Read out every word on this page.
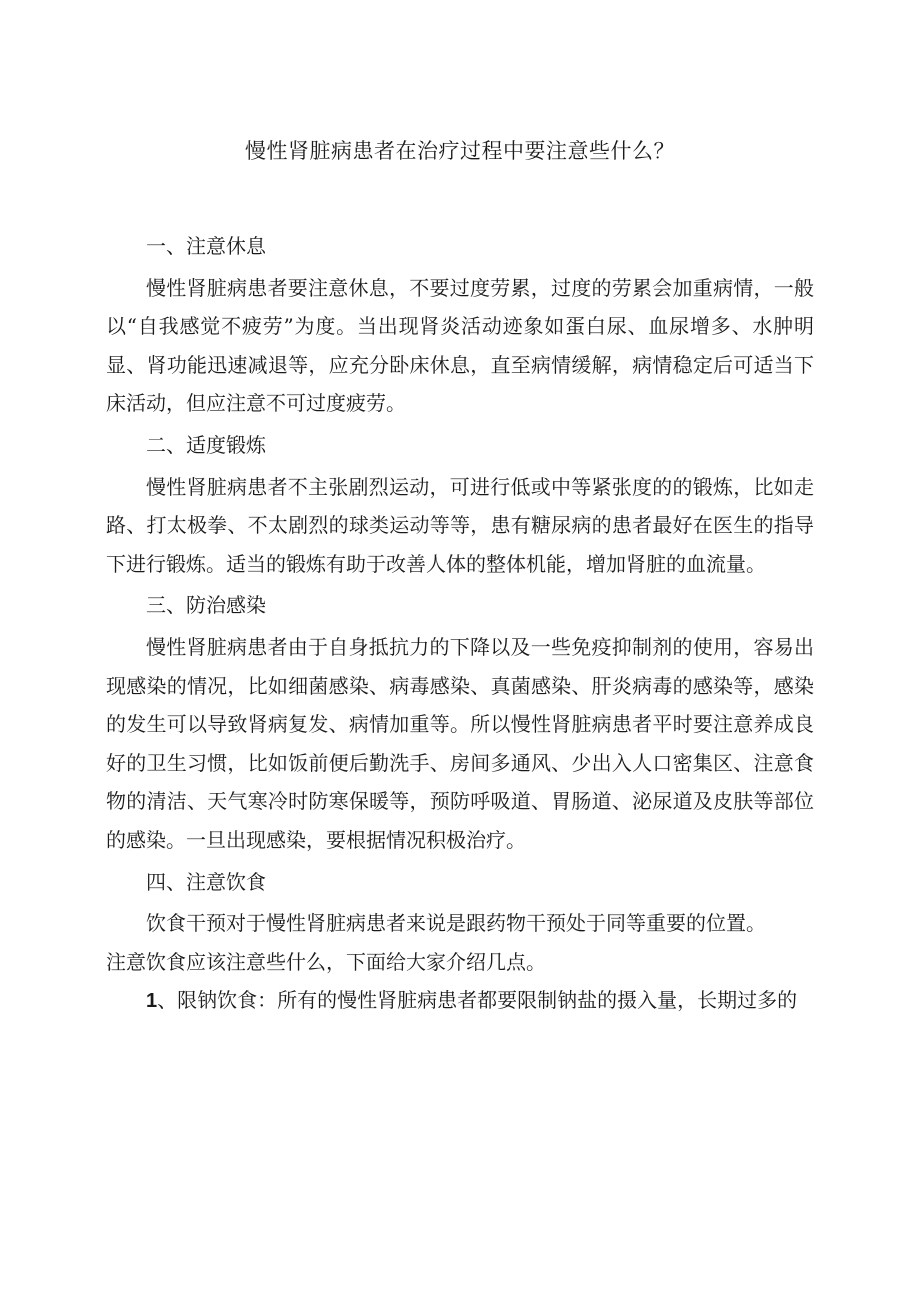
慢性肾脏病患者在治疗过程中要注意些什么？
一、注意休息

慢性肾脏病患者要注意休息，不要过度劳累，过度的劳累会加重病情，一般以“自我感觉不疲劳”为度。当出现肾炎活动迹象如蛋白尿、血尿增多、水肿明显、肾功能迅速减退等，应充分卧床休息，直至病情缓解，病情稳定后可适当下床活动，但应注意不可过度疲劳。

二、适度锻炼

慢性肾脏病患者不主张剧烈运动，可进行低或中等紧张度的的锻炼，比如走路、打太极拳、不太剧烈的球类运动等等，患有糖尿病的患者最好在医生的指导下进行锻炼。适当的锻炼有助于改善人体的整体机能，增加肾脏的血流量。

三、防治感染

慢性肾脏病患者由于自身抵抗力的下降以及一些免疫抑制剂的使用，容易出现感染的情况，比如细菌感染、病毒感染、真菌感染、肝炎病毒的感染等，感染的发生可以导致肾病复发、病情加重等。所以慢性肾脏病患者平时要注意养成良好的卫生习惯，比如饭前便后勤洗手、房间多通风、少出入人口密集区、注意食物的清洁、天气寒冷时防寒保暖等，预防呼吸道、胃肠道、泌尿道及皮肤等部位的感染。一旦出现感染，要根据情况积极治疗。

四、注意饮食

饮食干预对于慢性肾脏病患者来说是跟药物干预处于同等重要的位置。

注意饮食应该注意些什么，下面给大家介绍几点。

1、限钠饮食：所有的慢性肾脏病患者都要限制钠盐的摄入量，长期过多的
